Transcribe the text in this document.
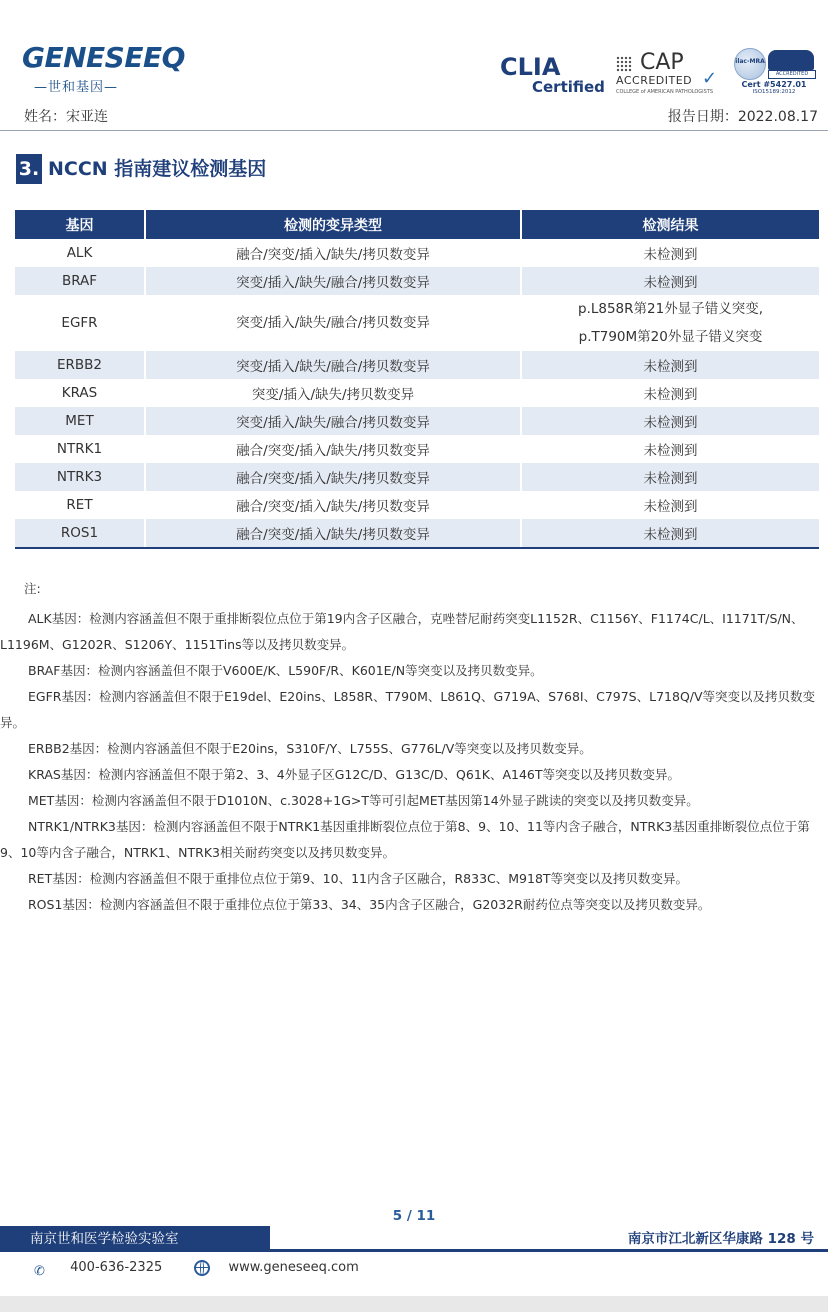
GENESEEQ
— 世和基因 —
CLIA
Certified
CAP
ACCREDITED ✓
COLLEGE of AMERICAN PATHOLOGISTS
ilac-MRA
ACCREDITED
Cert #5427.01
ISO15189:2012
姓名：宋亚连	报告日期：2022.08.17
3. NCCN 指南建议检测基因
基因	检测的变异类型	检测结果
ALK	融合/突变/插入/缺失/拷贝数变异	未检测到
BRAF	突变/插入/缺失/融合/拷贝数变异	未检测到
EGFR	突变/插入/缺失/融合/拷贝数变异	p.L858R第21外显子错义突变,
p.T790M第20外显子错义突变

ERBB2	突变/插入/缺失/融合/拷贝数变异	未检测到
KRAS	突变/插入/缺失/拷贝数变异	未检测到
MET	突变/插入/缺失/融合/拷贝数变异	未检测到
NTRK1	融合/突变/插入/缺失/拷贝数变异	未检测到
NTRK3	融合/突变/插入/缺失/拷贝数变异	未检测到
RET	融合/突变/插入/缺失/拷贝数变异	未检测到
ROS1	融合/突变/插入/缺失/拷贝数变异	未检测到

注:

ALK基因：检测内容涵盖但不限于重排断裂位点位于第19内含子区融合，克唑替尼耐药突变L1152R、C1156Y、F1174C/L、I1171T/S/N、L1196M、G1202R、S1206Y、1151Tins等以及拷贝数变异。

BRAF基因：检测内容涵盖但不限于V600E/K、L590F/R、K601E/N等突变以及拷贝数变异。

EGFR基因：检测内容涵盖但不限于E19del、E20ins、L858R、T790M、L861Q、G719A、S768I、C797S、L718Q/V等突变以及拷贝数变异。

ERBB2基因：检测内容涵盖但不限于E20ins，S310F/Y、L755S、G776L/V等突变以及拷贝数变异。

KRAS基因：检测内容涵盖但不限于第2、3、4外显子区G12C/D、G13C/D、Q61K、A146T等突变以及拷贝数变异。

MET基因：检测内容涵盖但不限于D1010N、c.3028+1G>T等可引起MET基因第14外显子跳读的突变以及拷贝数变异。

NTRK1/NTRK3基因：检测内容涵盖但不限于NTRK1基因重排断裂位点位于第8、9、10、11等内含子融合，NTRK3基因重排断裂位点位于第9、10等内含子融合，NTRK1、NTRK3相关耐药突变以及拷贝数变异。

RET基因：检测内容涵盖但不限于重排位点位于第9、10、11内含子区融合，R833C、M918T等突变以及拷贝数变异。

ROS1基因：检测内容涵盖但不限于重排位点位于第33、34、35内含子区融合，G2032R耐药位点等突变以及拷贝数变异。

5 / 11
南京世和医学检验实验室	南京市江北新区华康路 128 号
✆ 400-636-2325	www.geneseeq.com
